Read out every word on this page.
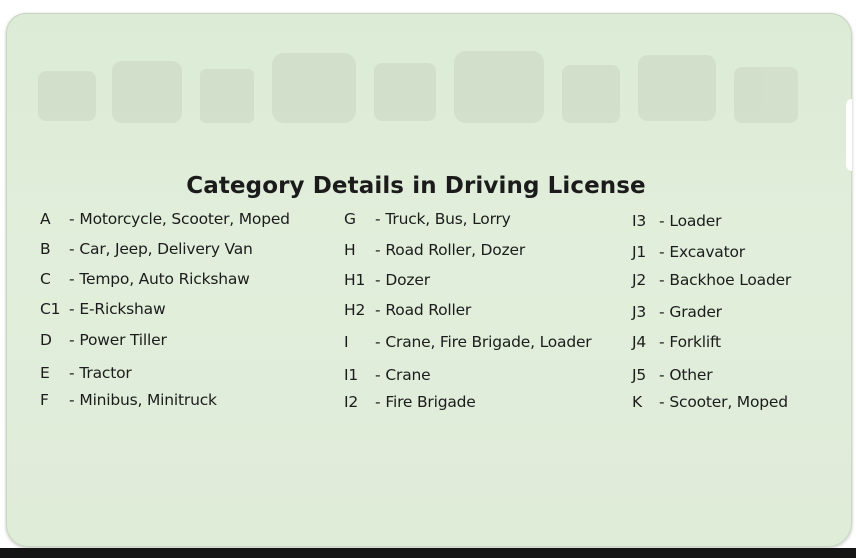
Category Details in Driving License
A - Motorcycle, Scooter, Moped
B - Car, Jeep, Delivery Van
C - Tempo, Auto Rickshaw
C1 - E-Rickshaw
D - Power Tiller
E - Tractor
F - Minibus, Minitruck
G - Truck, Bus, Lorry
H - Road Roller, Dozer
H1 - Dozer
H2 - Road Roller
I - Crane, Fire Brigade, Loader
I1 - Crane
I2 - Fire Brigade
I3 - Loader
J1 - Excavator
J2 - Backhoe Loader
J3 - Grader
J4 - Forklift
J5 - Other
K - Scooter, Moped
